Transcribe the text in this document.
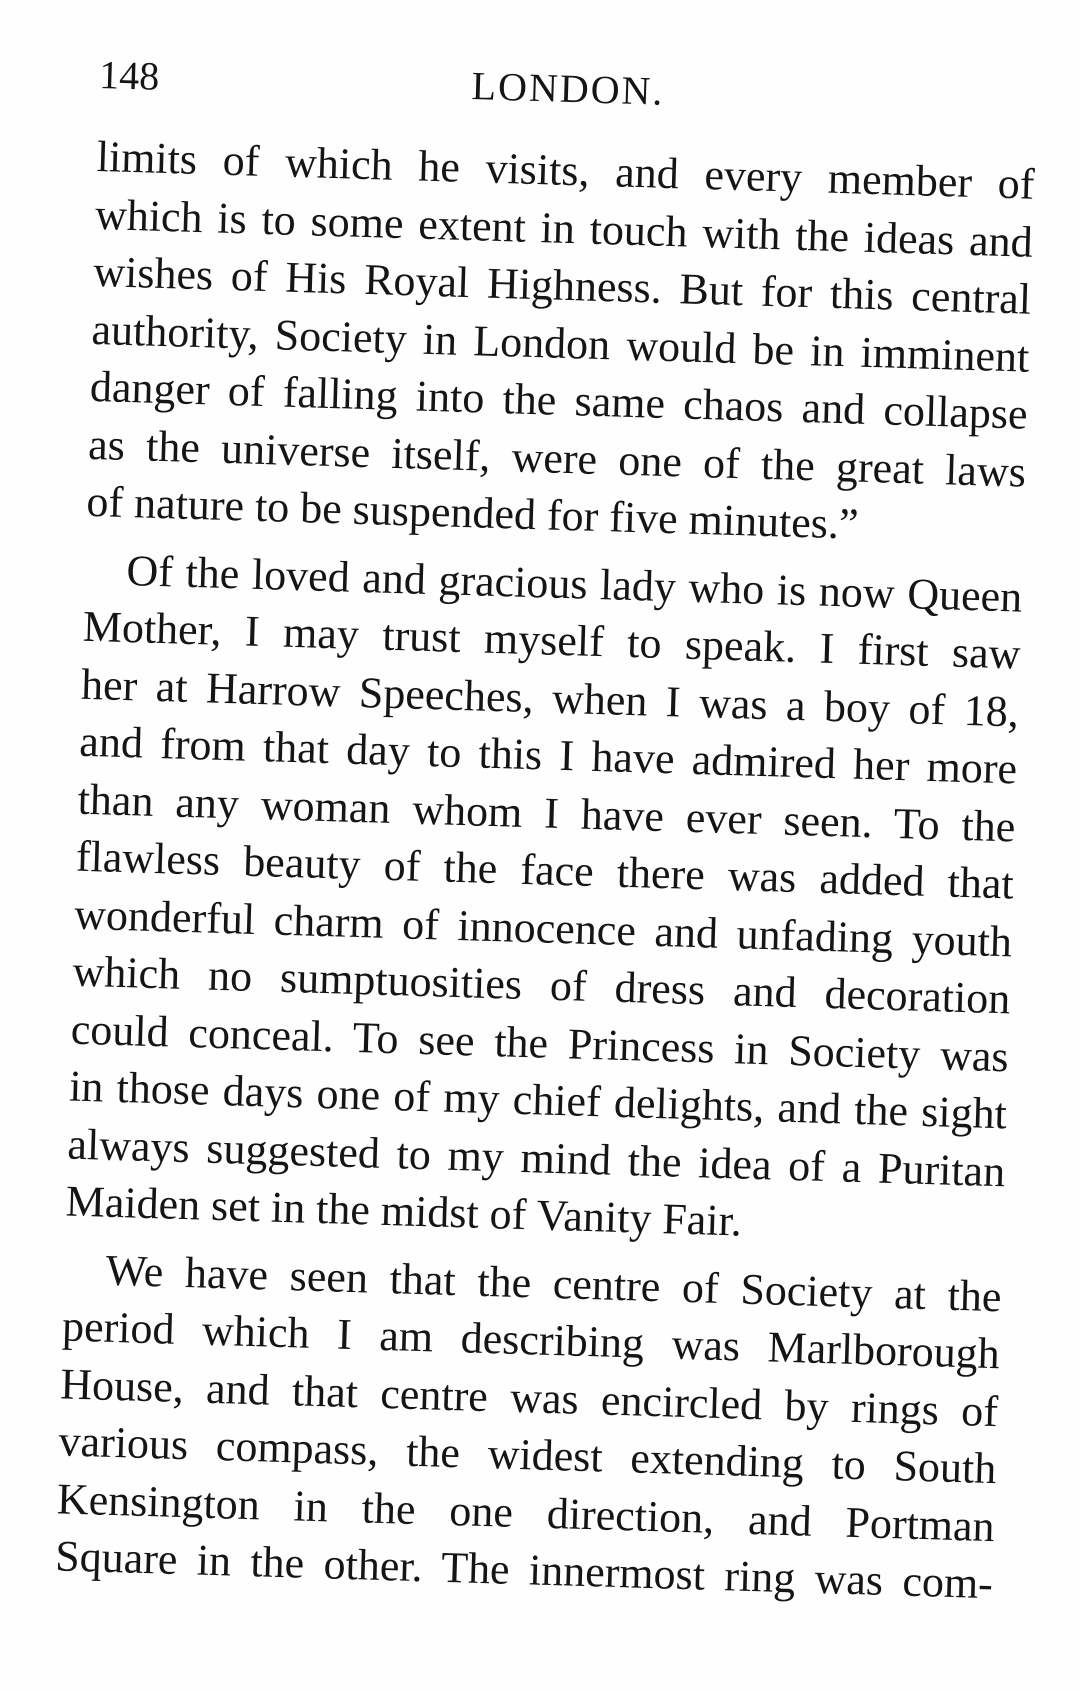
148	LONDON.
limits of which he visits, and every member of
which is to some extent in touch with the ideas and
wishes of His Royal Highness. But for this central
authority, Society in London would be in imminent
danger of falling into the same chaos and collapse
as the universe itself, were one of the great laws
of nature to be suspended for five minutes.”
Of the loved and gracious lady who is now Queen
Mother, I may trust myself to speak. I first saw
her at Harrow Speeches, when I was a boy of 18,
and from that day to this I have admired her more
than any woman whom I have ever seen. To the
flawless beauty of the face there was added that
wonderful charm of innocence and unfading youth
which no sumptuosities of dress and decoration
could conceal. To see the Princess in Society was
in those days one of my chief delights, and the sight
always suggested to my mind the idea of a Puritan
Maiden set in the midst of Vanity Fair.
We have seen that the centre of Society at the
period which I am describing was Marlborough
House, and that centre was encircled by rings of
various compass, the widest extending to South
Kensington in the one direction, and Portman
Square in the other. The innermost ring was com-
